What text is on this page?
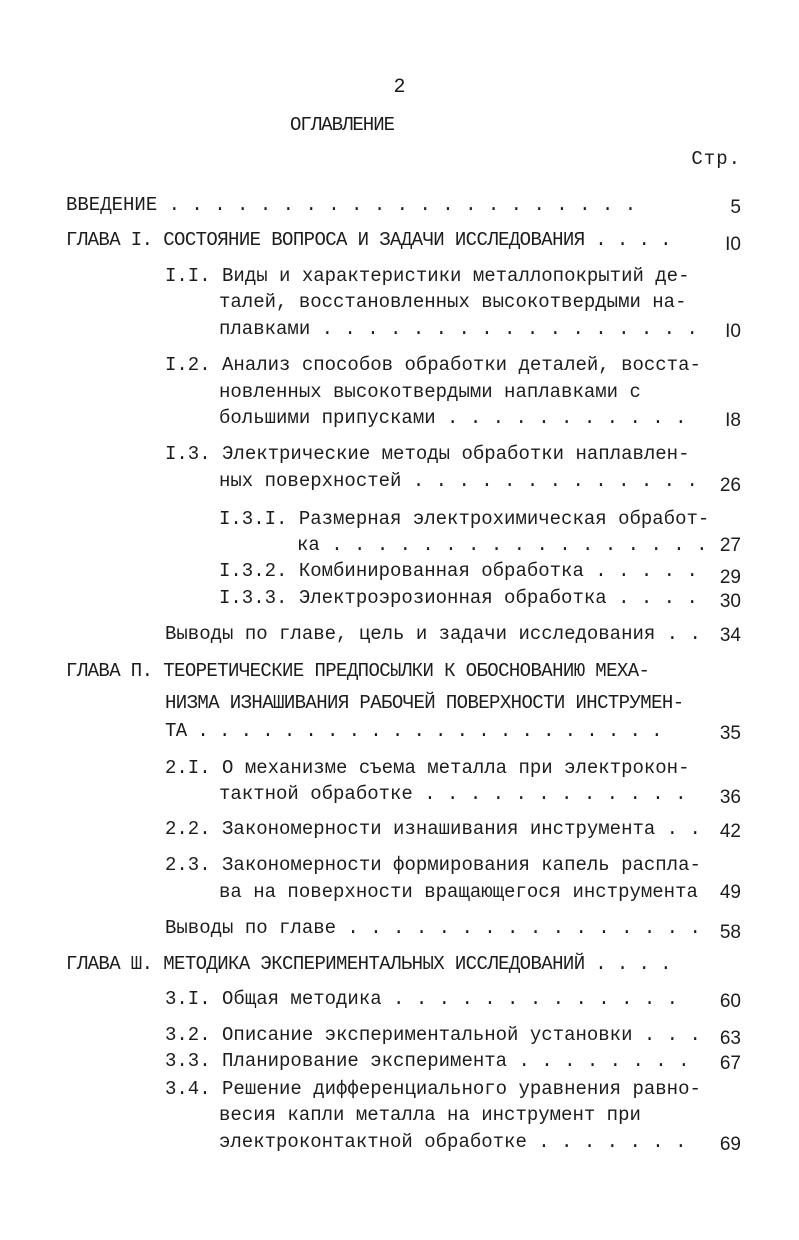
2
ОГЛАВЛЕНИЕ
Стр.
ВВЕДЕНИЕ . . . . . . . . . . . . . . . . . . . . .	5
ГЛАВА I. СОСТОЯНИЕ ВОПРОСА И ЗАДАЧИ ИССЛЕДОВАНИЯ . . . .	I0
I.I. Виды и характеристики металлопокрытий де-
талей, восстановленных высокотвердыми на-
плавками . . . . . . . . . . . . . . . . . I0
I.2. Анализ способов обработки деталей, восста-
новленных высокотвердыми наплавками с
большими припусками . . . . . . . . . . . I8
I.3. Электрические методы обработки наплавлен-
ных поверхностей . . . . . . . . . . . . . 26
I.3.I. Размерная электрохимическая обработ-
ка . . . . . . . . . . . . . . . . . 27
I.3.2. Комбинированная обработка . . . . . 29
I.3.3. Электроэрозионная обработка . . . . 30
Выводы по главе, цель и задачи исследования . . 34
ГЛАВА П. ТЕОРЕТИЧЕСКИЕ ПРЕДПОСЫЛКИ К ОБОСНОВАНИЮ МЕХА-
НИЗМА ИЗНАШИВАНИЯ РАБОЧЕЙ ПОВЕРХНОСТИ ИНСТРУМЕН-
ТА . . . . . . . . . . . . . . . . . . . . . .	35
2.I. О механизме съема металла при электрокон-
тактной обработке . . . . . . . . . . . . 36
2.2. Закономерности изнашивания инструмента . . 42
2.3. Закономерности формирования капель распла-
ва на поверхности вращающегося инструмента 49
Выводы по главе . . . . . . . . . . . . . . . . 58
ГЛАВА Ш. МЕТОДИКА ЭКСПЕРИМЕНТАЛЬНЫХ ИССЛЕДОВАНИЙ . . . .
3.I. Общая методика . . . . . . . . . . . . . 60
3.2. Описание экспериментальной установки . . . 63
3.3. Планирование эксперимента . . . . . . . . 67
3.4. Решение дифференциального уравнения равно-
весия капли металла на инструмент при
электроконтактной обработке . . . . . . . 69
